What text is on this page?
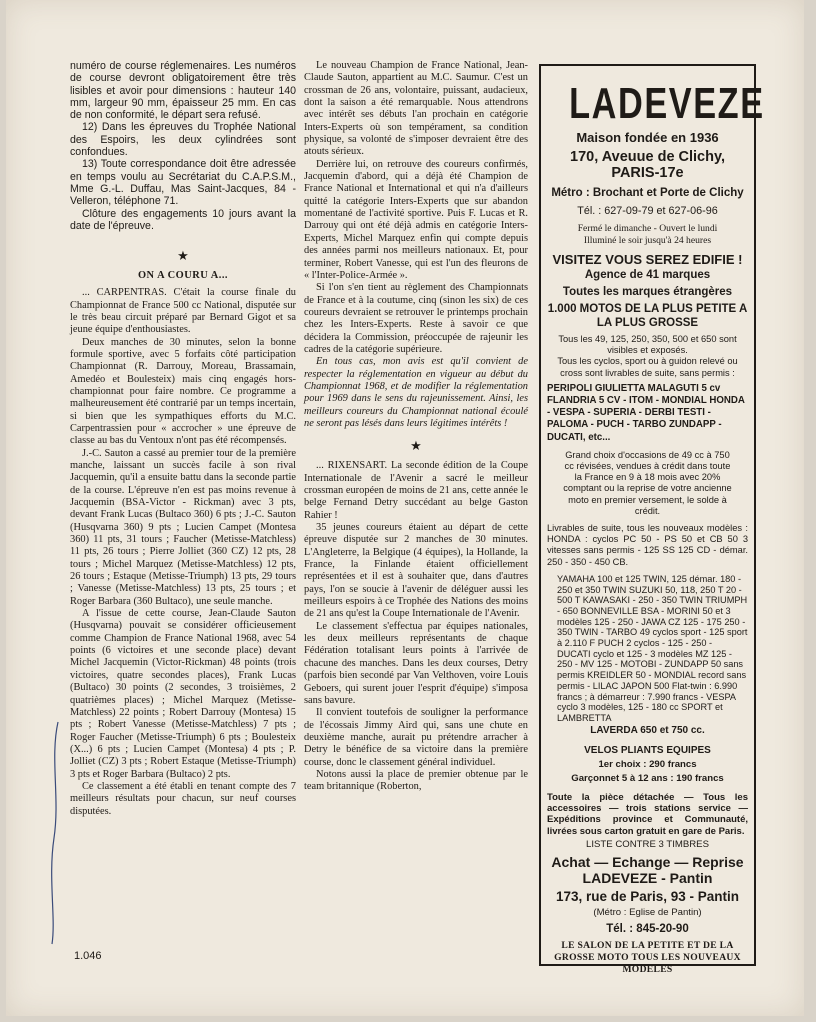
numéro de course réglemenaires. Les numéros de course devront obligatoirement être très lisibles et avoir pour dimensions : hauteur 140 mm, largeur 90 mm, épaisseur 25 mm. En cas de non conformité, le départ sera refusé.

12) Dans les épreuves du Trophée National des Espoirs, les deux cylindrées sont confondues.

13) Toute correspondance doit être adressée en temps voulu au Secrétariat du C.A.P.S.M., Mme G.-L. Duffau, Mas Saint-Jacques, 84 - Velleron, téléphone 71.

Clôture des engagements 10 jours avant la date de l'épreuve.

★
ON A COURU A...

... CARPENTRAS. C'était la course finale du Championnat de France 500 cc National, disputée sur le très beau circuit préparé par Bernard Gigot et sa jeune équipe d'enthousiastes.

Deux manches de 30 minutes, selon la bonne formule sportive, avec 5 forfaits côté participation Championnat (R. Darrouy, Moreau, Brassamain, Amedéo et Boulesteix) mais cinq engagés hors-championnat pour faire nombre. Ce programme a malheureusement été contrarié par un temps incertain, si bien que les sympathiques efforts du M.C. Carpentrassien pour « accrocher » une épreuve de classe au bas du Ventoux n'ont pas été récompensés.

J.-C. Sauton a cassé au premier tour de la première manche, laissant un succès facile à son rival Jacquemin, qu'il a ensuite battu dans la seconde partie de la course. L'épreuve n'en est pas moins revenue à Jacquemin (BSA-Victor - Rickman) avec 3 pts, devant Frank Lucas (Bultaco 360) 6 pts ; J.-C. Sauton (Husqvarna 360) 9 pts ; Lucien Campet (Montesa 360) 11 pts, 31 tours ; Faucher (Metisse-Matchless) 11 pts, 26 tours ; Pierre Jolliet (360 CZ) 12 pts, 28 tours ; Michel Marquez (Metisse-Matchless) 12 pts, 26 tours ; Estaque (Metisse-Triumph) 13 pts, 29 tours ; Vanesse (Metisse-Matchless) 13 pts, 25 tours ; et Roger Barbara (360 Bultaco), une seule manche.

A l'issue de cette course, Jean-Claude Sauton (Husqvarna) pouvait se considérer officieusement comme Champion de France National 1968, avec 54 points (6 victoires et une seconde place) devant Michel Jacquemin (Victor-Rickman) 48 points (trois victoires, quatre secondes places), Frank Lucas (Bultaco) 30 points (2 secondes, 3 troisièmes, 2 quatrièmes places) ; Michel Marquez (Metisse-Matchless) 22 points ; Robert Darrouy (Montesa) 15 pts ; Robert Vanesse (Metisse-Matchless) 7 pts ; Roger Faucher (Metisse-Triumph) 6 pts ; Boulesteix (X...) 6 pts ; Lucien Campet (Montesa) 4 pts ; P. Jolliet (CZ) 3 pts ; Robert Estaque (Metisse-Triumph) 3 pts et Roger Barbara (Bultaco) 2 pts.

Ce classement a été établi en tenant compte des 7 meilleurs résultats pour chacun, sur neuf courses disputées.

1.046

Le nouveau Champion de France National, Jean-Claude Sauton, appartient au M.C. Saumur. C'est un crossman de 26 ans, volontaire, puissant, audacieux, dont la saison a été remarquable. Nous attendrons avec intérêt ses débuts l'an prochain en catégorie Inters-Experts où son tempérament, sa condition physique, sa volonté de s'imposer devraient être des atouts sérieux.

Derrière lui, on retrouve des coureurs confirmés, Jacquemin d'abord, qui a déjà été Champion de France National et International et qui n'a d'ailleurs quitté la catégorie Inters-Experts que sur abandon momentané de l'activité sportive. Puis F. Lucas et R. Darrouy qui ont été déjà admis en catégorie Inters-Experts, Michel Marquez enfin qui compte depuis des années parmi nos meilleurs nationaux. Et, pour terminer, Robert Vanesse, qui est l'un des fleurons de « l'Inter-Police-Armée ».

Si l'on s'en tient au règlement des Championnats de France et à la coutume, cinq (sinon les six) de ces coureurs devraient se retrouver le printemps prochain chez les Inters-Experts. Reste à savoir ce que décidera la Commission, préoccupée de rajeunir les cadres de la catégorie supérieure.

En tous cas, mon avis est qu'il convient de respecter la réglementation en vigueur au début du Championnat 1968, et de modifier la réglementation pour 1969 dans le sens du rajeunissement. Ainsi, les meilleurs coureurs du Championnat national écoulé ne seront pas lésés dans leurs légitimes intérêts !

★

... RIXENSART. La seconde édition de la Coupe Internationale de l'Avenir a sacré le meilleur crossman européen de moins de 21 ans, cette année le belge Fernand Detry succédant au belge Gaston Rahier !

35 jeunes coureurs étaient au départ de cette épreuve disputée sur 2 manches de 30 minutes. L'Angleterre, la Belgique (4 équipes), la Hollande, la France, la Finlande étaient officiellement représentées et il est à souhaiter que, dans d'autres pays, l'on se soucie à l'avenir de déléguer aussi les meilleurs espoirs à ce Trophée des Nations des moins de 21 ans qu'est la Coupe Internationale de l'Avenir.

Le classement s'effectua par équipes nationales, les deux meilleurs représentants de chaque Fédération totalisant leurs points à l'arrivée de chacune des manches. Dans les deux courses, Detry (parfois bien secondé par Van Velthoven, voire Louis Geboers, qui surent jouer l'esprit d'équipe) s'imposa sans bavure.

Il convient toutefois de souligner la performance de l'écossais Jimmy Aird qui, sans une chute en deuxième manche, aurait pu prétendre arracher à Detry le bénéfice de sa victoire dans la première course, donc le classement général individuel.

Notons aussi la place de premier obtenue par le team britannique (Roberton,

LADEVEZE
Maison fondée en 1936
170, Aveuue de Clichy, PARIS-17e
Métro : Brochant et Porte de Clichy
Tél. : 627-09-79 et 627-06-96
Fermé le dimanche - Ouvert le lundi
Illuminé le soir jusqu'à 24 heures
VISITEZ VOUS SEREZ EDIFIE !
Agence de 41 marques
Toutes les marques étrangères
1.000 MOTOS DE LA PLUS PETITE A LA PLUS GROSSE
Tous les 49, 125, 250, 350, 500 et 650 sont visibles et exposés.
Tous les cyclos, sport ou à guidon relevé ou cross sont livrables de suite, sans permis :
PERIPOLI GIULIETTA MALAGUTI 5 cv FLANDRIA 5 CV - ITOM - MONDIAL HONDA - VESPA - SUPERIA - DERBI TESTI - PALOMA - PUCH - TARBO ZUNDAPP - DUCATI, etc...
Grand choix d'occasions de 49 cc à 750 cc révisées, vendues à crédit dans toute la France en 9 à 18 mois avec 20% comptant ou la reprise de votre ancienne moto en premier versement, le solde à crédit.
Livrables de suite, tous les nouveaux modèles : HONDA : cyclos PC 50 - PS 50 et CB 50 3 vitesses sans permis - 125 SS 125 CD - démar. 250 - 350 - 450 CB.
YAMAHA 100 et 125 TWIN, 125 démar. 180 - 250 et 350 TWIN SUZUKI 50, 118, 250 T 20 - 500 T KAWASAKI - 250 - 350 TWIN TRIUMPH - 650 BONNEVILLE BSA - MORINI 50 et 3 modèles 125 - 250 - JAWA CZ 125 - 175 250 - 350 TWIN - TARBO 49 cyclos sport - 125 sport à 2.110 F PUCH 2 cyclos - 125 - 250 - DUCATI cyclo et 125 - 3 modèles MZ 125 - 250 - MV 125 - MOTOBI - ZUNDAPP 50 sans permis KREIDLER 50 - MONDIAL record sans permis - LILAC JAPON 500 Flat-twin : 6.990 francs ; à démarreur : 7.990 francs - VESPA cyclo 3 modèles, 125 - 180 cc SPORT et LAMBRETTA
LAVERDA 650 et 750 cc.
VELOS PLIANTS EQUIPES
1er choix : 290 francs
Garçonnet 5 à 12 ans : 190 francs
Toute la pièce détachée — Tous les accessoires — trois stations service — Expéditions province et Communauté, livrées sous carton gratuit en gare de Paris.
LISTE CONTRE 3 TIMBRES
Achat — Echange — Reprise
LADEVEZE - Pantin
173, rue de Paris, 93 - Pantin
(Métro : Eglise de Pantin)
Tél. : 845-20-90
LE SALON DE LA PETITE ET DE LA GROSSE MOTO TOUS LES NOUVEAUX MODELES
